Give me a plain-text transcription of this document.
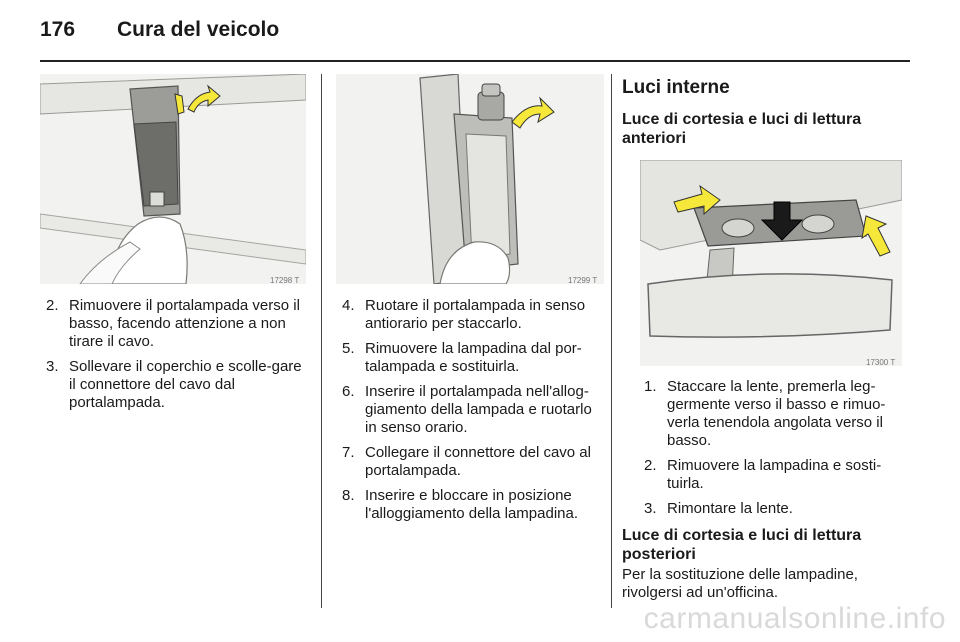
176 Cura del veicolo
17298 T	17299 T
17300 T
2. Rimuovere il portalampada verso il basso, facendo attenzione a non tirare il cavo.
3. Sollevare il coperchio e scolle-gare il connettore del cavo dal portalampada.
4. Ruotare il portalampada in senso antiorario per staccarlo.
5. Rimuovere la lampadina dal por-talampada e sostituirla.
6. Inserire il portalampada nell'allog-giamento della lampada e ruotarlo in senso orario.
7. Collegare il connettore del cavo al portalampada.
8. Inserire e bloccare in posizione l'alloggiamento della lampadina.
Luci interne
Luce di cortesia e luci di lettura anteriori
1. Staccare la lente, premerla leg-germente verso il basso e rimuo-verla tenendola angolata verso il basso.
2. Rimuovere la lampadina e sosti-tuirla.
3. Rimontare la lente.
Luce di cortesia e luci di lettura posteriori
Per la sostituzione delle lampadine, rivolgersi ad un'officina.
carmanualsonline.info
